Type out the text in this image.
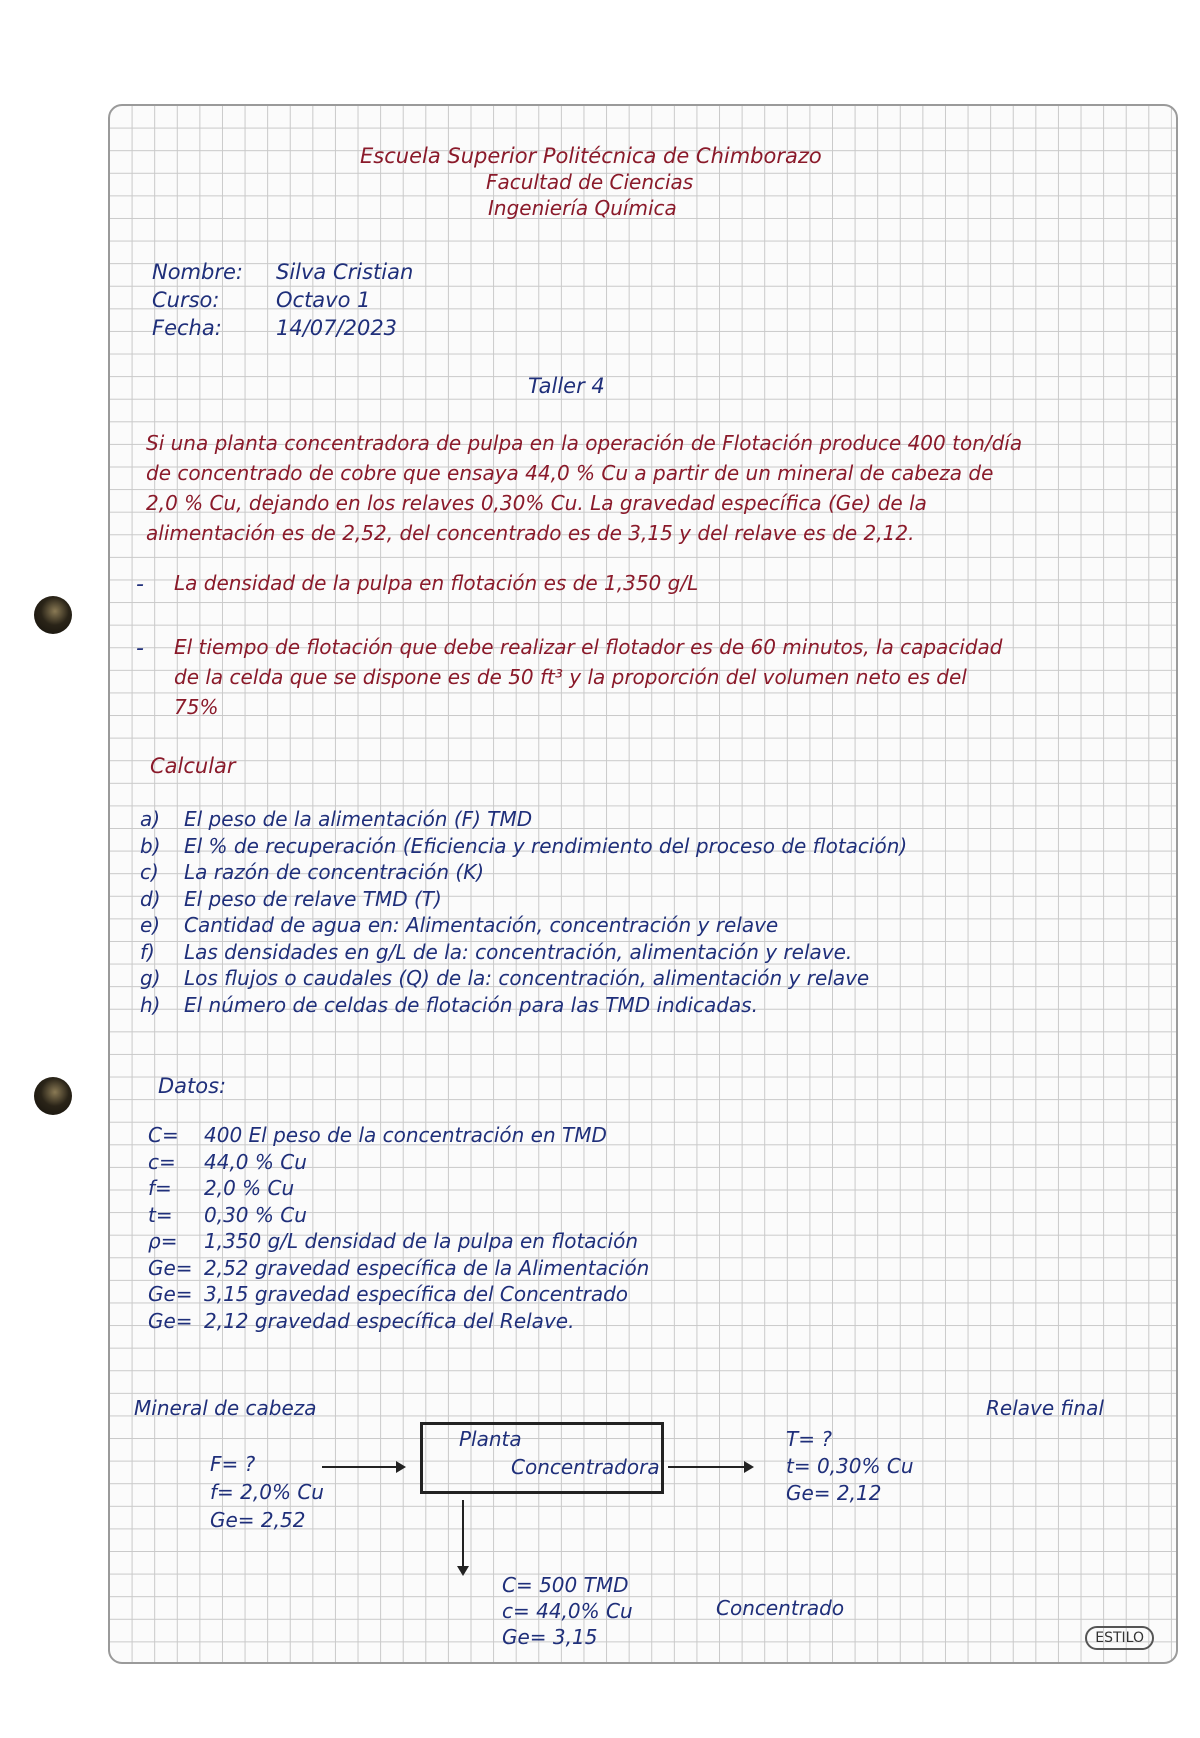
Escuela Superior Politécnica de Chimborazo
Facultad de Ciencias
Ingeniería Química
Nombre: Silva Cristian
Curso:	Octavo 1
Fecha:	14/07/2023
Taller 4
Si una planta concentradora de pulpa en la operación de Flotación produce 400 ton/día
de concentrado de cobre que ensaya 44,0 % Cu a partir de un mineral de cabeza de
2,0 % Cu, dejando en los relaves 0,30% Cu. La gravedad específica (Ge) de la
alimentación es de 2,52, del concentrado es de 3,15 y del relave es de 2,12.
- La densidad de la pulpa en flotación es de 1,350 g/L
- El tiempo de flotación que debe realizar el flotador es de 60 minutos, la capacidad
de la celda que se dispone es de 50 ft³ y la proporción del volumen neto es del
75%
Calcular
a)	El peso de la alimentación (F) TMD
b)	El % de recuperación (Eficiencia y rendimiento del proceso de flotación)
c)	La razón de concentración (K)
d)	El peso de relave TMD (T)
e)	Cantidad de agua en: Alimentación, concentración y relave
f)	Las densidades en g/L de la: concentración, alimentación y relave.
g)	Los flujos o caudales (Q) de la: concentración, alimentación y relave
h)	El número de celdas de flotación para las TMD indicadas.
Datos:
C=	400 El peso de la concentración en TMD
c=	44,0 % Cu
f=	2,0 % Cu
t=	0,30 % Cu
ρ=	1,350 g/L densidad de la pulpa en flotación
Ge= 2,52 gravedad específica de la Alimentación
Ge= 3,15 gravedad específica del Concentrado
Ge= 2,12 gravedad específica del Relave.
Mineral de cabeza	Relave final
F= ?
f= 2,0% Cu
Ge= 2,52
Planta
Concentradora
T= ?
t= 0,30% Cu
Ge= 2,12
C= 500 TMD
c= 44,0% Cu
Ge= 3,15
Concentrado
ESTILO
